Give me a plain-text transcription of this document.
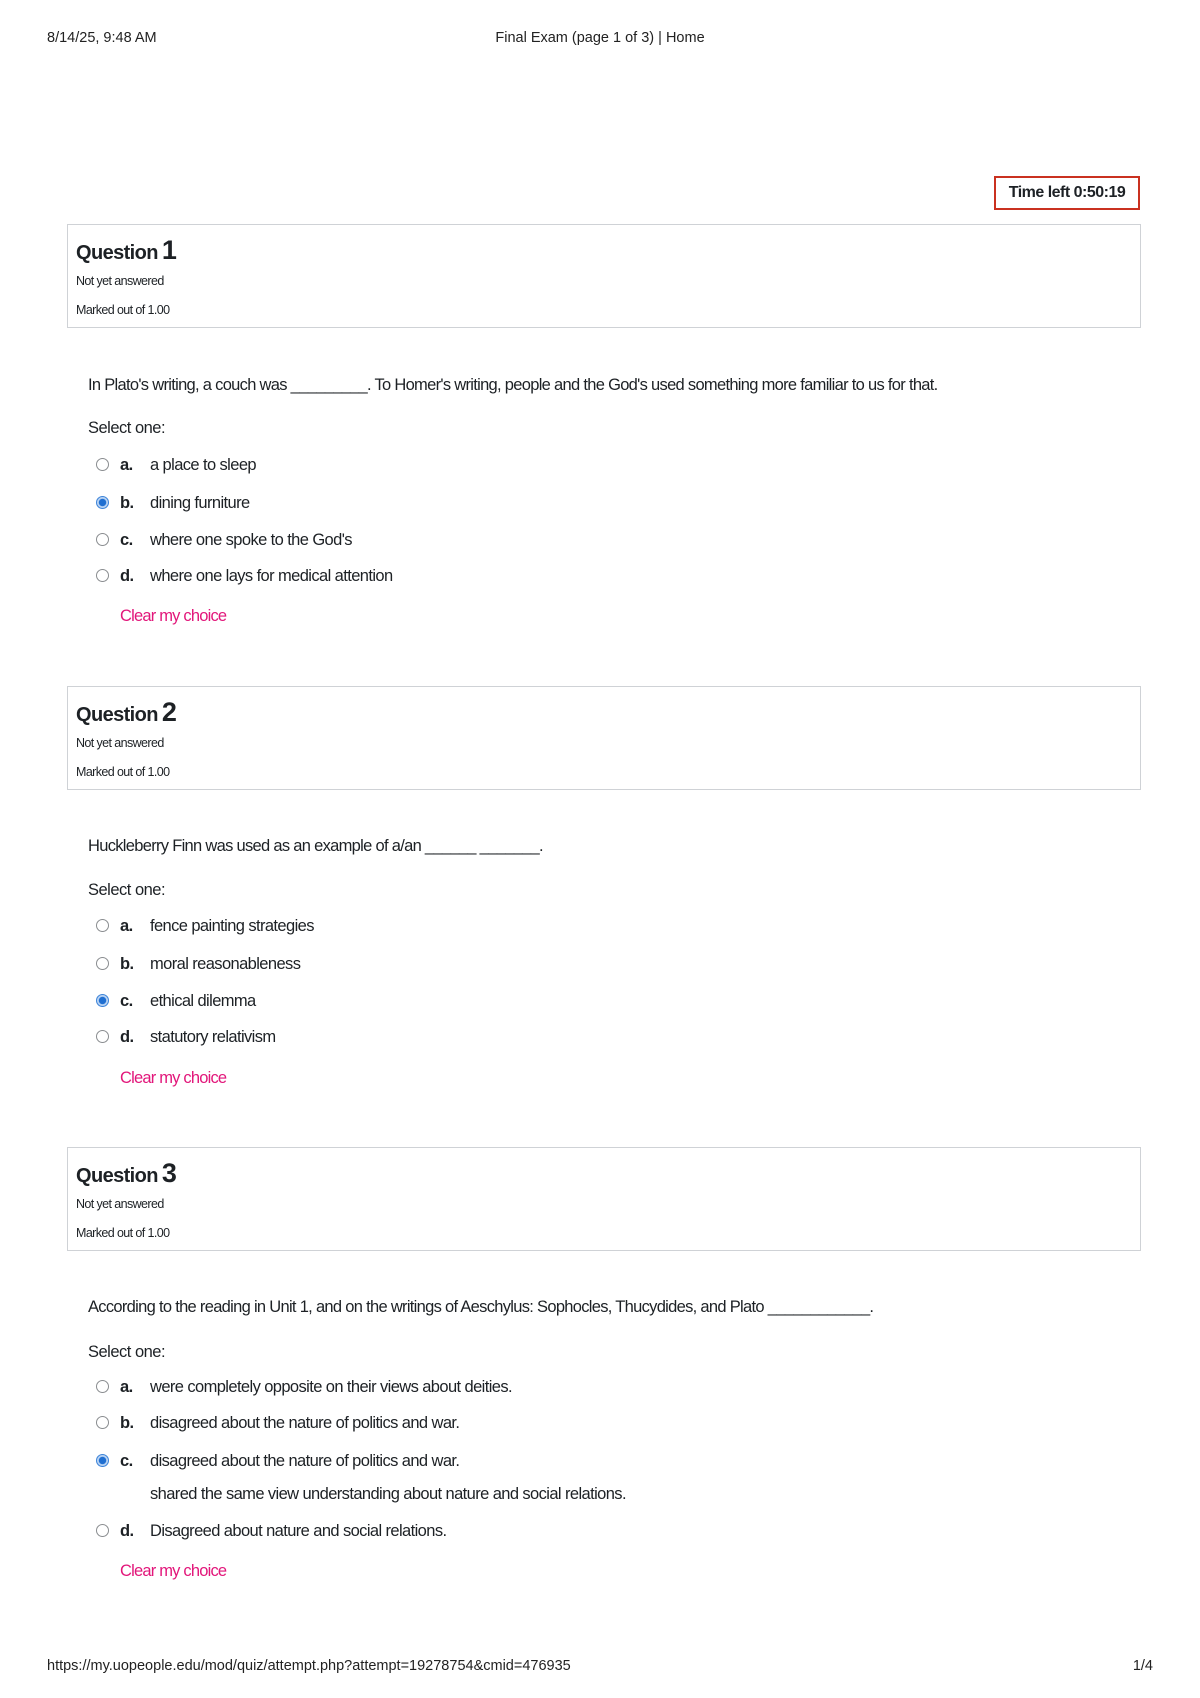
8/14/25, 9:48 AM	Final Exam (page 1 of 3) | Home
Time left 0:50:19
Question 1
Not yet answered
Marked out of 1.00
In Plato's writing, a couch was _________. To Homer's writing, people and the God's used something more familiar to us for that.
Select one:
a. a place to sleep
b. dining furniture
c. where one spoke to the God's
d. where one lays for medical attention
Clear my choice
Question 2
Not yet answered
Marked out of 1.00
Huckleberry Finn was used as an example of a/an ______ _______.
Select one:
a. fence painting strategies
b. moral reasonableness
c. ethical dilemma
d. statutory relativism
Clear my choice
Question 3
Not yet answered
Marked out of 1.00
According to the reading in Unit 1, and on the writings of Aeschylus: Sophocles, Thucydides, and Plato ____________.
Select one:
a. were completely opposite on their views about deities.
b. disagreed about the nature of politics and war.
c. disagreed about the nature of politics and war.
shared the same view understanding about nature and social relations.
d. Disagreed about nature and social relations.
Clear my choice
https://my.uopeople.edu/mod/quiz/attempt.php?attempt=19278754&cmid=476935	1/4
